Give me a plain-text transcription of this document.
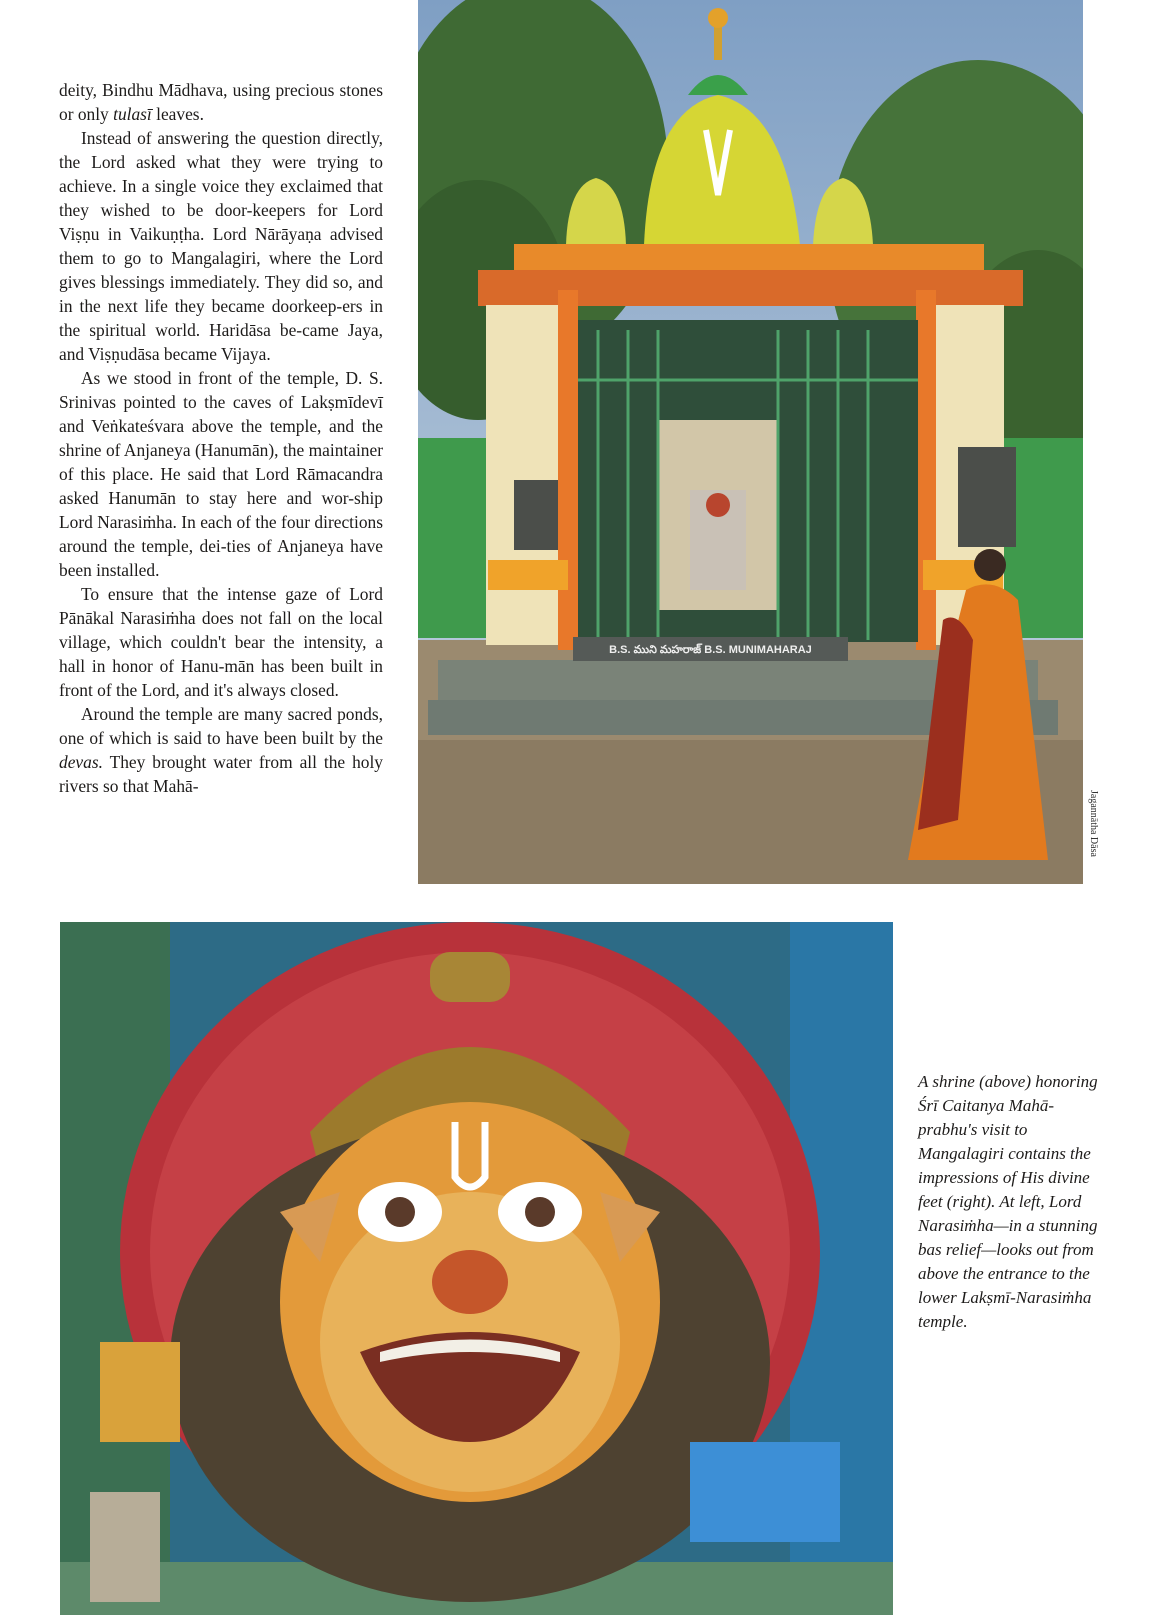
deity, Bindhu Mādhava, using precious stones or only tulasī leaves.

Instead of answering the question directly, the Lord asked what they were trying to achieve. In a single voice they exclaimed that they wished to be door-keepers for Lord Viṣṇu in Vaikuṇṭha. Lord Nārāyaṇa advised them to go to Mangalagiri, where the Lord gives blessings immediately. They did so, and in the next life they became doorkeep-ers in the spiritual world. Haridāsa be-came Jaya, and Viṣṇudāsa became Vijaya.

As we stood in front of the temple, D. S. Srinivas pointed to the caves of Lakṣmīdevī and Veṅkateśvara above the temple, and the shrine of Anjaneya (Hanumān), the maintainer of this place. He said that Lord Rāmacandra asked Hanumān to stay here and wor-ship Lord Narasiṁha. In each of the four directions around the temple, dei-ties of Anjaneya have been installed.

To ensure that the intense gaze of Lord Pānākal Narasiṁha does not fall on the local village, which couldn't bear the intensity, a hall in honor of Hanu-mān has been built in front of the Lord, and it's always closed.

Around the temple are many sacred ponds, one of which is said to have been built by the devas. They brought water from all the holy rivers so that Mahā-

B.S. ముని మహరాజ్ B.S. MUNIMAHARAJ
Jagannātha Dāsa
A shrine (above) honoring Śrī Caitanya Mahā-prabhu's visit to Mangalagiri contains the impressions of His divine feet (right). At left, Lord Narasiṁha—in a stunning bas relief—looks out from above the entrance to the lower Lakṣmī-Narasiṁha temple.
